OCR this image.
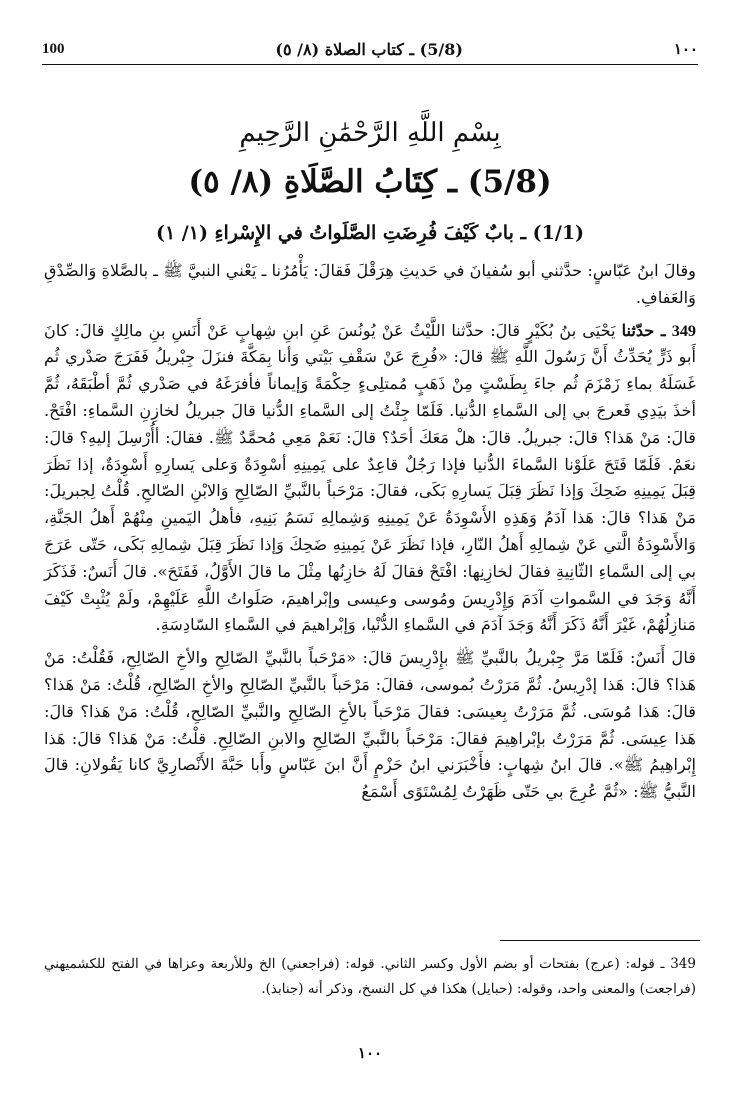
100	(5/8) ـ كتاب الصلاة (٨/ ٥)	١٠٠
بِسْمِ اللَّهِ الرَّحْمَٰنِ الرَّحِيمِ
(5/8) ـ كِتَابُ الصَّلَاةِ (٨/ ٥)
(1/1) ـ بابٌ كَيْفَ فُرِضَتِ الصَّلَواتُ في الإِسْراءِ (١/ ١)

وقالَ ابنُ عَبّاسٍ: حدَّثني أبو سُفيانَ في حَديثِ هِرَقْلَ فَقالَ: يَأْمُرُنا ـ يَعْني النبيَّ ﷺ ـ بالصَّلاةِ وَالصِّدْقِ وَالعَفافِ.

349 ـ حدّثنا يَحْيَى بنُ بُكَيْرٍ قالَ: حدَّثنا اللَّيْثُ عَنْ يُونُسَ عَنِ ابنِ شِهابٍ عَنْ أَنَسِ بنِ مالِكٍ قالَ: كانَ أَبو ذَرٍّ يُحَدِّثُ أَنَّ رَسُولَ اللَّهِ ﷺ قالَ: «فُرِجَ عَنْ سَقْفِ بَيْتي وَأنا بِمَكَّةَ فنزَلَ جِبْريلُ فَفَرَجَ صَدْري ثُم غَسَلَهُ بماءِ زَمْزَمَ ثُم جاءَ بِطَسْتٍ مِنْ ذَهَبٍ مُمتلِىءٍ حِكْمَةً وَإيماناً فأفرَغَهُ في صَدْري ثُمَّ أطْبَقَهُ، ثُمَّ أخذَ بيَدِي فَعرجَ بي إلى السَّماءِ الدُّنيا. فَلَمّا جِئْتُ إلى السَّماءِ الدُّنيا قالَ جبريلُ لخازِنِ السَّماءِ: افْتَحْ. قالَ: مَنْ هَذا؟ قالَ: جبريلُ. قالَ: هلْ مَعَكَ أحَدٌ؟ قالَ: نَعَمْ مَعِي مُحمَّدٌ ﷺ. فقالَ: أأُرْسِلَ إليهِ؟ قالَ: نعَمْ. فَلَمّا فَتَحَ عَلَوْنا السَّماءَ الدُّنيا فإذا رَجُلٌ قاعِدٌ على يَمِينِهِ أسْوِدَةٌ وَعلى يَسارِهِ أَسْوِدَةٌ، إذا نَظَرَ قِبَلَ يَمِينِهِ ضَحِكَ وَإذا نَظَرَ قِبَلَ يَسارِهِ بَكَى، فقالَ: مَرْحَباً بالنَّبيِّ الصّالِحِ وَالابْنِ الصّالحِ. قُلْتُ لِجبريلَ: مَنْ هَذا؟ قالَ: هَذا آدَمُ وَهَذِهِ الأَسْوِدَةُ عَنْ يَمِينِهِ وَشِمالِهِ نَسَمُ بَنِيهِ، فأهلُ اليَمينِ مِنْهُمْ أَهلُ الجَنَّةِ، وَالأَسْوِدَةُ الَّتي عَنْ شِمالِهِ أَهلُ النّارِ، فإذا نَظَرَ عَنْ يَمِينِهِ ضَحِكَ وَإذا نَظَرَ قِبَلَ شِمالِهِ بَكَى، حَتّى عَرَجَ بي إلى السَّماءِ الثّانِيةِ فقالَ لخازِنِها: افْتَحْ فقالَ لَهُ خازِنُها مِثْلَ ما قالَ الأَوَّلُ، فَفَتَحَ». قالَ أَنَسٌ: فَذَكَرَ أَنَّهُ وَجَدَ في السَّمواتِ آدَمَ وَإِدْرِيسَ ومُوسى وعيسى وإبْراهيمَ، صَلَواتُ اللَّهِ عَلَيْهِمْ، ولَمْ يُثْبِتْ كَيْفَ مَنازِلُهُمْ، غَيْرَ أَنَّهُ ذَكَرَ أَنَّهُ وَجَدَ آدَمَ في السَّماءِ الدُّنْيا، وَإبْراهيمَ في السَّماءِ السّادِسَةِ.

قالَ أَنَسٌ: فَلَمّا مَرَّ جِبْريلُ بالنَّبيِّ ﷺ بإِدْرِيسَ قالَ: «مَرْحَباً بالنَّبيِّ الصّالِحِ والأخِ الصّالِحِ، فَقُلْتُ: مَنْ هَذا؟ قالَ: هَذا إدْرِيسُ. ثُمَّ مَرَرْتُ بُموسى، فقالَ: مَرْحَباً بالنَّبيِّ الصّالِحِ والأخِ الصّالِحِ، قُلْتُ: مَنْ هَذا؟ قالَ: هَذا مُوسَى. ثُمَّ مَرَرْتُ بِعيسَى: فقالَ مَرْحَباً بالأخِ الصّالِحِ والنَّبيِّ الصّالِحِ، قُلْتُ: مَنْ هَذا؟ قالَ: هَذا عِيسَى. ثُمَّ مَرَرْتُ بإبْراهِيمَ فقالَ: مَرْحَباً بالنَّبيِّ الصّالِحِ والابنِ الصّالِحِ. قلْتُ: مَنْ هَذا؟ قالَ: هَذا إِبْراهِيمُ ﷺ». قالَ ابنُ شِهابٍ: فأَخْبَرَني ابنُ حَزْمٍ أَنَّ ابنَ عَبّاسٍ وأَبا حَبَّةَ الأَنْصارِيَّ كانا يَقُولانِ: قالَ النَّبيُّ ﷺ: «ثُمَّ عُرِجَ بي حَتّى ظَهَرْتُ لِمُسْتَوًى أَسْمَعُ

349 ـ قوله: (عرج) بفتحات أو بضم الأول وكسر الثاني. قوله: (فراجعني) الخ وللأربعة وعزاها في الفتح للكشميهني (فراجعت) والمعنى واحد، وقوله: (حبايل) هكذا في كل النسخ، وذكر أنه (جنابذ).
١٠٠
